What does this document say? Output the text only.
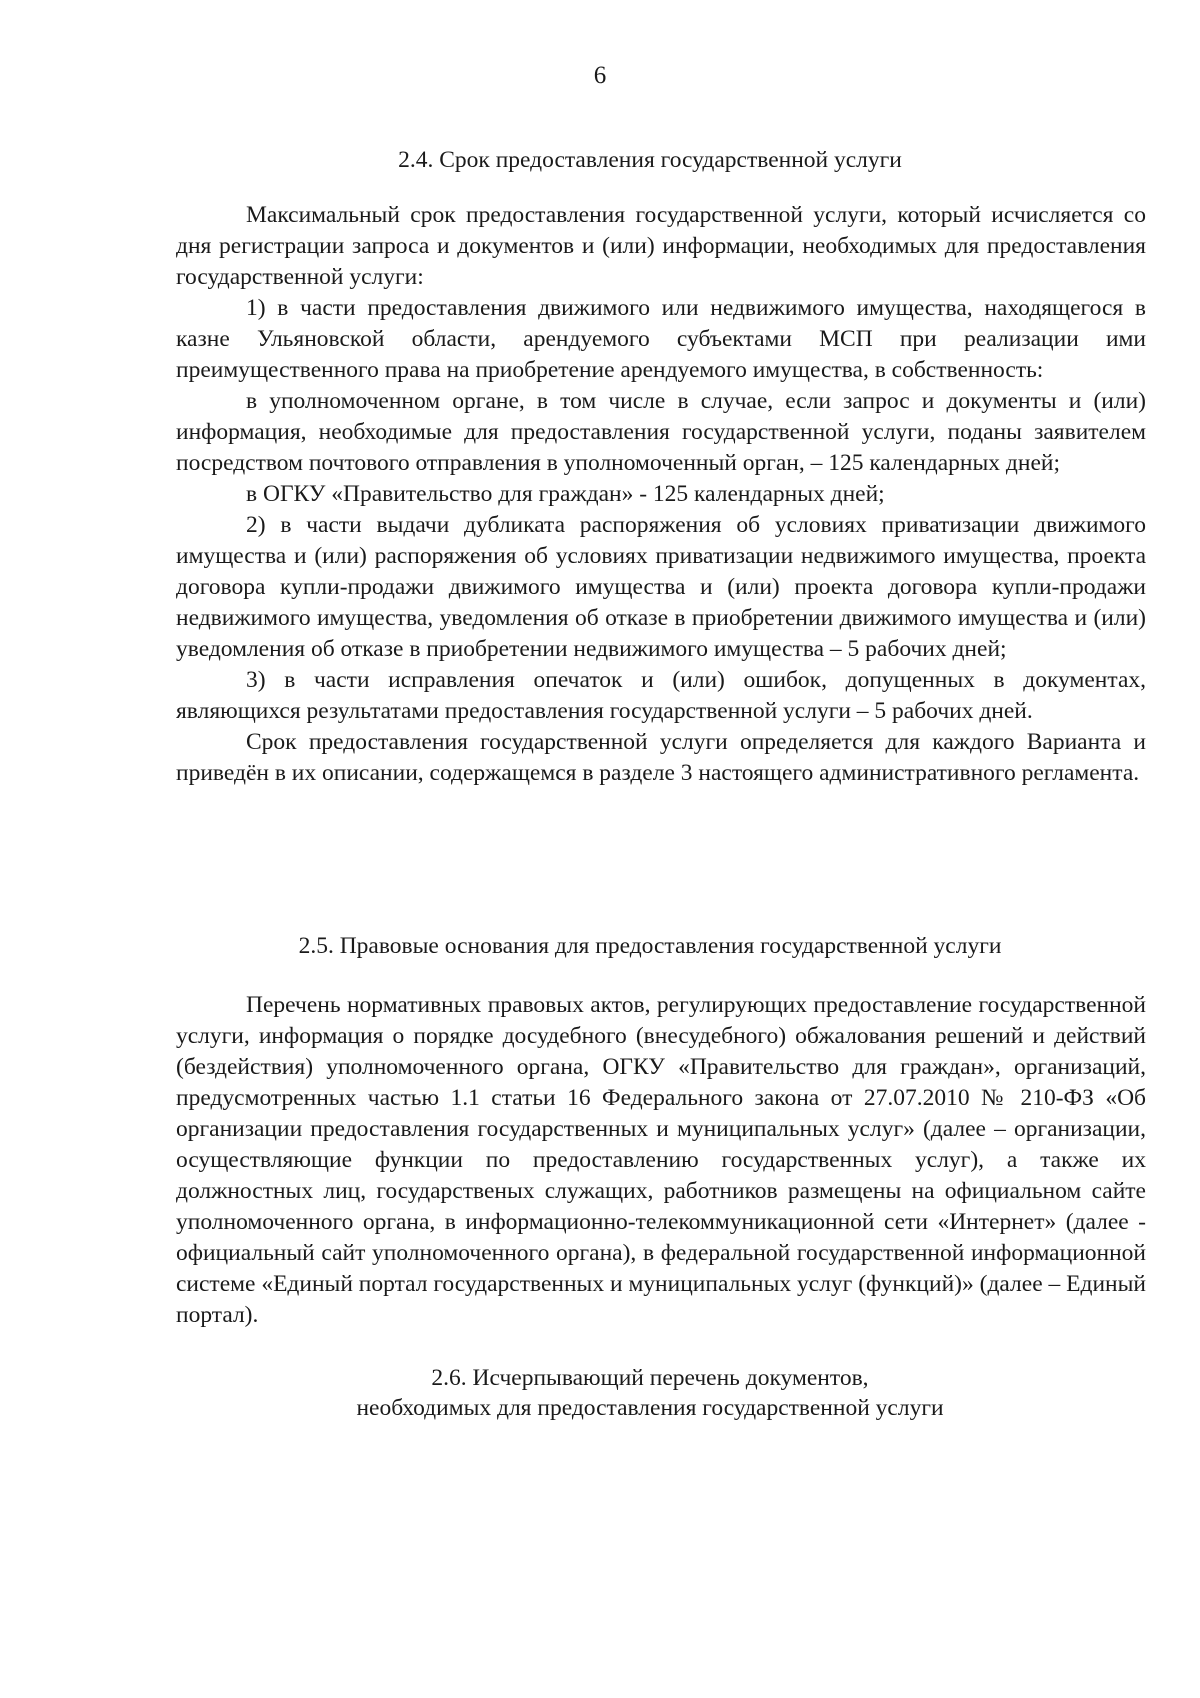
6
2.4. Срок предоставления государственной услуги

Максимальный срок предоставления государственной услуги, который исчисляется со дня регистрации запроса и документов и (или) информации, необходимых для предоставления государственной услуги:

1) в части предоставления движимого или недвижимого имущества, находящегося в казне Ульяновской области, арендуемого субъектами МСП при реализации ими преимущественного права на приобретение арендуемого имущества, в собственность:

в уполномоченном органе, в том числе в случае, если запрос и документы и (или) информация, необходимые для предоставления государственной услуги, поданы заявителем посредством почтового отправления в уполномоченный орган, – 125 календарных дней;

в ОГКУ «Правительство для граждан» - 125 календарных дней;

2) в части выдачи дубликата распоряжения об условиях приватизации движимого имущества и (или) распоряжения об условиях приватизации недвижимого имущества, проекта договора купли-продажи движимого имущества и (или) проекта договора купли-продажи недвижимого имущества, уведомления об отказе в приобретении движимого имущества и (или) уведомления об отказе в приобретении недвижимого имущества – 5 рабочих дней;

3) в части исправления опечаток и (или) ошибок, допущенных в документах, являющихся результатами предоставления государственной услуги – 5 рабочих дней.

Срок предоставления государственной услуги определяется для каждого Варианта и приведён в их описании, содержащемся в разделе 3 настоящего административного регламента.

2.5. Правовые основания для предоставления государственной услуги

Перечень нормативных правовых актов, регулирующих предоставление государственной услуги, информация о порядке досудебного (внесудебного) обжалования решений и действий (бездействия) уполномоченного органа, ОГКУ «Правительство для граждан», организаций, предусмотренных частью 1.1 статьи 16 Федерального закона от 27.07.2010 № 210-ФЗ «Об организации предоставления государственных и муниципальных услуг» (далее – организации, осуществляющие функции по предоставлению государственных услуг), а также их должностных лиц, государственых служащих, работников размещены на официальном сайте уполномоченного органа, в информационно-телекоммуникационной сети «Интернет» (далее - официальный сайт уполномоченного органа), в федеральной государственной информационной системе «Единый портал государственных и муниципальных услуг (функций)» (далее – Единый портал).

2.6. Исчерпывающий перечень документов,
необходимых для предоставления государственной услуги
